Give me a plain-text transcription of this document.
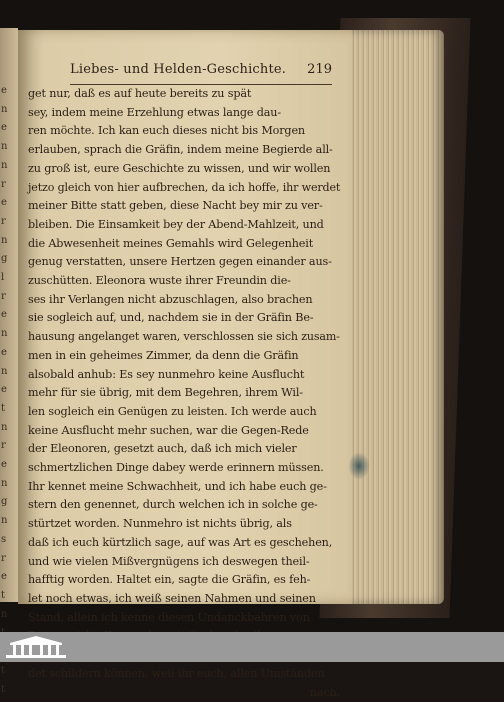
e
n
e
n
n
r
e
r
n
g
l
r
e
n
e
n
e
t
n
r
e
n
g
n
s
r
e
t
n

t
t
Liebes- und Helden-Geschichte. 219
get nur, daß es auf heute bereits zu spät
sey, indem meine Erzehlung etwas lange dau-
ren möchte. Ich kan euch dieses nicht bis Morgen
erlauben, sprach die Gräfin, indem meine Begierde all-
zu groß ist, eure Geschichte zu wissen, und wir wollen
jetzo gleich von hier aufbrechen, da ich hoffe, ihr werdet
meiner Bitte statt geben, diese Nacht bey mir zu ver-
bleiben. Die Einsamkeit bey der Abend-Mahlzeit, und
die Abwesenheit meines Gemahls wird Gelegenheit
genug verstatten, unsere Hertzen gegen einander aus-
zuschütten. Eleonora wuste ihrer Freundin die-
ses ihr Verlangen nicht abzuschlagen, also brachen
sie sogleich auf, und, nachdem sie in der Gräfin Be-
hausung angelanget waren, verschlossen sie sich zusam-
men in ein geheimes Zimmer, da denn die Gräfin
alsobald anhub: Es sey nunmehro keine Ausflucht
mehr für sie übrig, mit dem Begehren, ihrem Wil-
len sogleich ein Genügen zu leisten. Ich werde auch
keine Ausflucht mehr suchen, war die Gegen-Rede
der Eleonoren, gesetzt auch, daß ich mich vieler
schmertzlichen Dinge dabey werde erinnern müssen.
Ihr kennet meine Schwachheit, und ich habe euch ge-
stern den genennet, durch welchen ich in solche ge-
stürtzet worden. Nunmehro ist nichts übrig, als
daß ich euch kürtzlich sage, auf was Art es geschehen,
und wie vielen Mißvergnügens ich deswegen theil-
hafftig worden. Haltet ein, sagte die Gräfin, es feh-
let noch etwas, ich weiß seinen Nahmen und seinen
Stand, allein ich kenne diesen Undanckbahren von
det schildern können, weil ihr euch, allen Umständen
nach,
